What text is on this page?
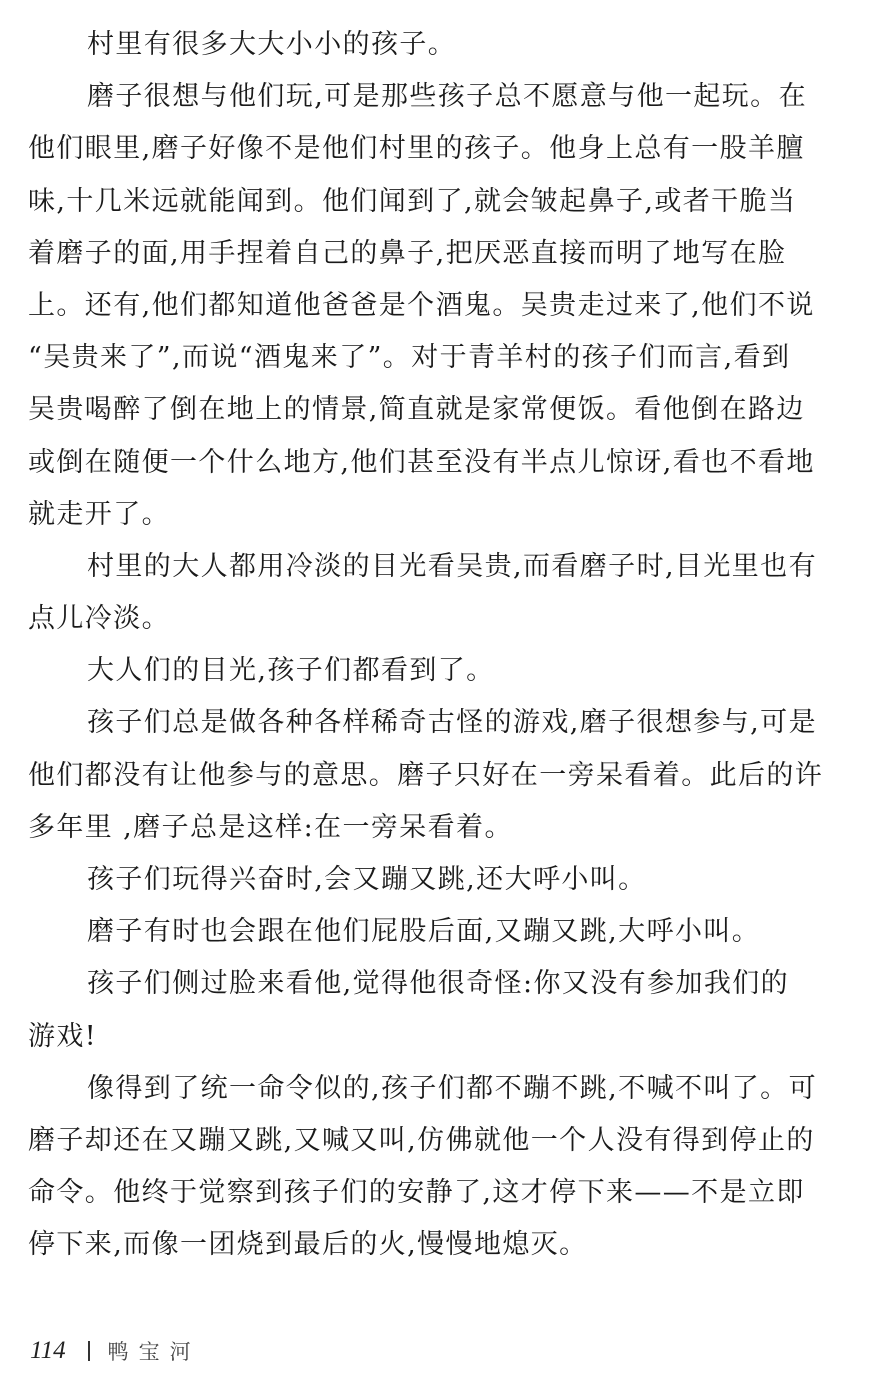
村里有很多大大小小的孩子。
磨子很想与他们玩,可是那些孩子总不愿意与他一起玩。在
他们眼里,磨子好像不是他们村里的孩子。他身上总有一股羊膻
味,十几米远就能闻到。他们闻到了,就会皱起鼻子,或者干脆当
着磨子的面,用手捏着自己的鼻子,把厌恶直接而明了地写在脸
上。还有,他们都知道他爸爸是个酒鬼。吴贵走过来了,他们不说
“吴贵来了”,而说“酒鬼来了”。对于青羊村的孩子们而言,看到
吴贵喝醉了倒在地上的情景,简直就是家常便饭。看他倒在路边
或倒在随便一个什么地方,他们甚至没有半点儿惊讶,看也不看地
就走开了。
村里的大人都用冷淡的目光看吴贵,而看磨子时,目光里也有
点儿冷淡。
大人们的目光,孩子们都看到了。
孩子们总是做各种各样稀奇古怪的游戏,磨子很想参与,可是
他们都没有让他参与的意思。磨子只好在一旁呆看着。此后的许
多年里 ,磨子总是这样:在一旁呆看着。
孩子们玩得兴奋时,会又蹦又跳,还大呼小叫。
磨子有时也会跟在他们屁股后面,又蹦又跳,大呼小叫。
孩子们侧过脸来看他,觉得他很奇怪:你又没有参加我们的
游戏!
像得到了统一命令似的,孩子们都不蹦不跳,不喊不叫了。可
磨子却还在又蹦又跳,又喊又叫,仿佛就他一个人没有得到停止的
命令。他终于觉察到孩子们的安静了,这才停下来——不是立即
停下来,而像一团烧到最后的火,慢慢地熄灭。
114 鸭宝河
